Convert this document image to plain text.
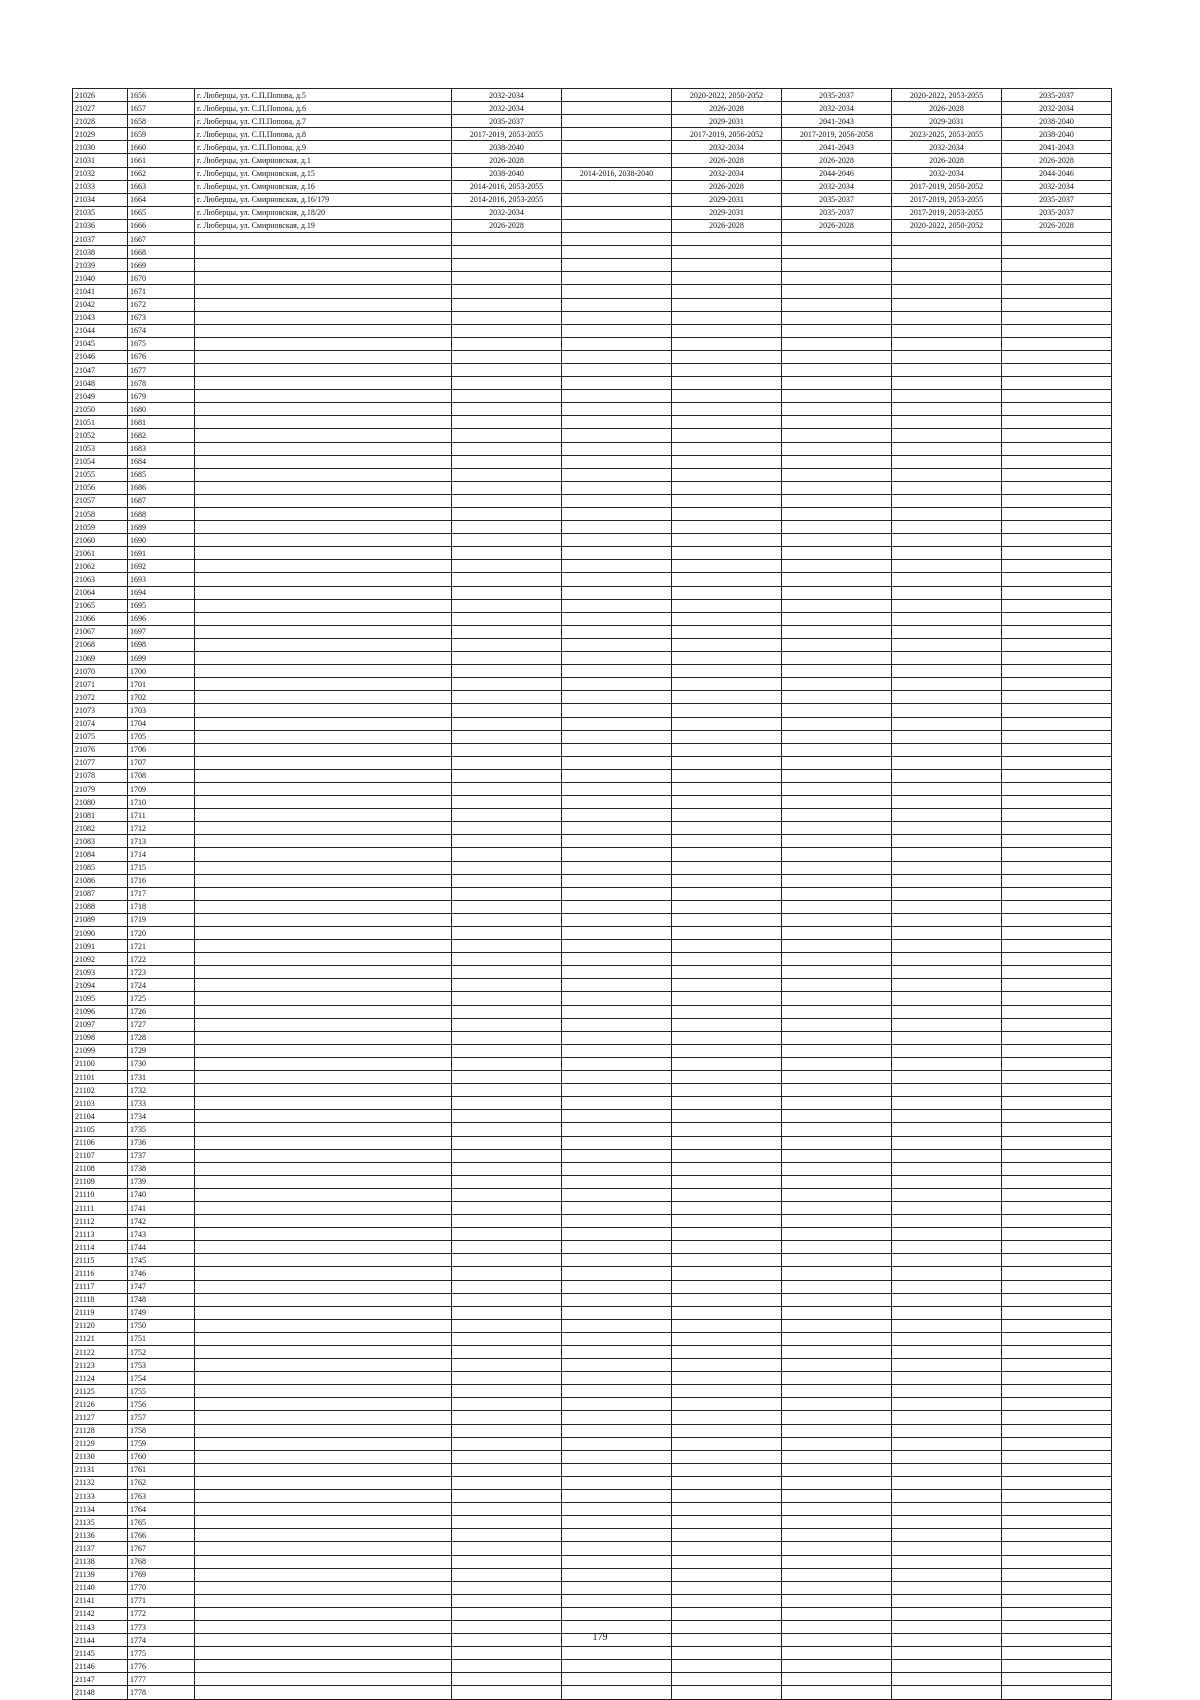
21026	1656	г. Люберцы, ул. С.П.Попова, д.5	2032-2034		2020-2022, 2050-2052	2035-2037	2020-2022, 2053-2055	2035-2037
21027	1657	г. Люберцы, ул. С.П.Попова, д.6	2032-2034		2026-2028	2032-2034	2026-2028	2032-2034
21028	1658	г. Люберцы, ул. С.П.Попова, д.7	2035-2037		2029-2031	2041-2043	2029-2031	2038-2040
21029	1659	г. Люберцы, ул. С.П.Попова, д.8	2017-2019, 2053-2055		2017-2019, 2056-2052	2017-2019, 2056-2058	2023-2025, 2053-2055	2038-2040
21030	1660	г. Люберцы, ул. С.П.Попова, д.9	2038-2040		2032-2034	2041-2043	2032-2034	2041-2043
21031	1661	г. Люберцы, ул. Смирновская, д.1	2026-2028		2026-2028	2026-2028	2026-2028	2026-2028
21032	1662	г. Люберцы, ул. Смирновская, д.15	2038-2040	2014-2016, 2038-2040	2032-2034	2044-2046	2032-2034	2044-2046
21033	1663	г. Люберцы, ул. Смирновская, д.16	2014-2016, 2053-2055		2026-2028	2032-2034	2017-2019, 2050-2052	2032-2034
21034	1664	г. Люберцы, ул. Смирновская, д.16/179	2014-2016, 2053-2055		2029-2031	2035-2037	2017-2019, 2053-2055	2035-2037
21035	1665	г. Люберцы, ул. Смирновская, д.18/20	2032-2034		2029-2031	2035-2037	2017-2019, 2053-2055	2035-2037
21036	1666	г. Люберцы, ул. Смирновская, д.19	2026-2028		2026-2028	2026-2028	2020-2022, 2050-2052	2026-2028
21037	1667							
21038	1668							
21039	1669							
21040	1670							
21041	1671							
21042	1672							
21043	1673							
21044	1674							
21045	1675							
21046	1676							
21047	1677							
21048	1678							
21049	1679							
21050	1680							
21051	1681							
21052	1682							
21053	1683							
21054	1684							
21055	1685							
21056	1686							
21057	1687							
21058	1688							
21059	1689							
21060	1690							
21061	1691							
21062	1692							
21063	1693							
21064	1694							
21065	1695							
21066	1696							
21067	1697							
21068	1698							
21069	1699							
21070	1700							
21071	1701							
21072	1702							
21073	1703							
21074	1704							
21075	1705							
21076	1706							
21077	1707							
21078	1708							
21079	1709							
21080	1710							
21081	1711							
21082	1712							
21083	1713							
21084	1714							
21085	1715							
21086	1716							
21087	1717							
21088	1718							
21089	1719							
21090	1720							
21091	1721							
21092	1722							
21093	1723							
21094	1724							
21095	1725							
21096	1726							
21097	1727							
21098	1728							
21099	1729							
21100	1730							
21101	1731							
21102	1732							
21103	1733							
21104	1734							
21105	1735							
21106	1736							
21107	1737							
21108	1738							
21109	1739							
21110	1740							
21111	1741							
21112	1742							
21113	1743							
21114	1744							
21115	1745							
21116	1746							
21117	1747							
21118	1748							
21119	1749							
21120	1750							
21121	1751							
21122	1752							
21123	1753							
21124	1754							
21125	1755							
21126	1756							
21127	1757							
21128	1758							
21129	1759							
21130	1760							
21131	1761							
21132	1762							
21133	1763							
21134	1764							
21135	1765							
21136	1766							
21137	1767							
21138	1768							
21139	1769							
21140	1770							
21141	1771							
21142	1772							
21143	1773							
21144	1774							
21145	1775							
21146	1776							
21147	1777							
21148	1778							
179
